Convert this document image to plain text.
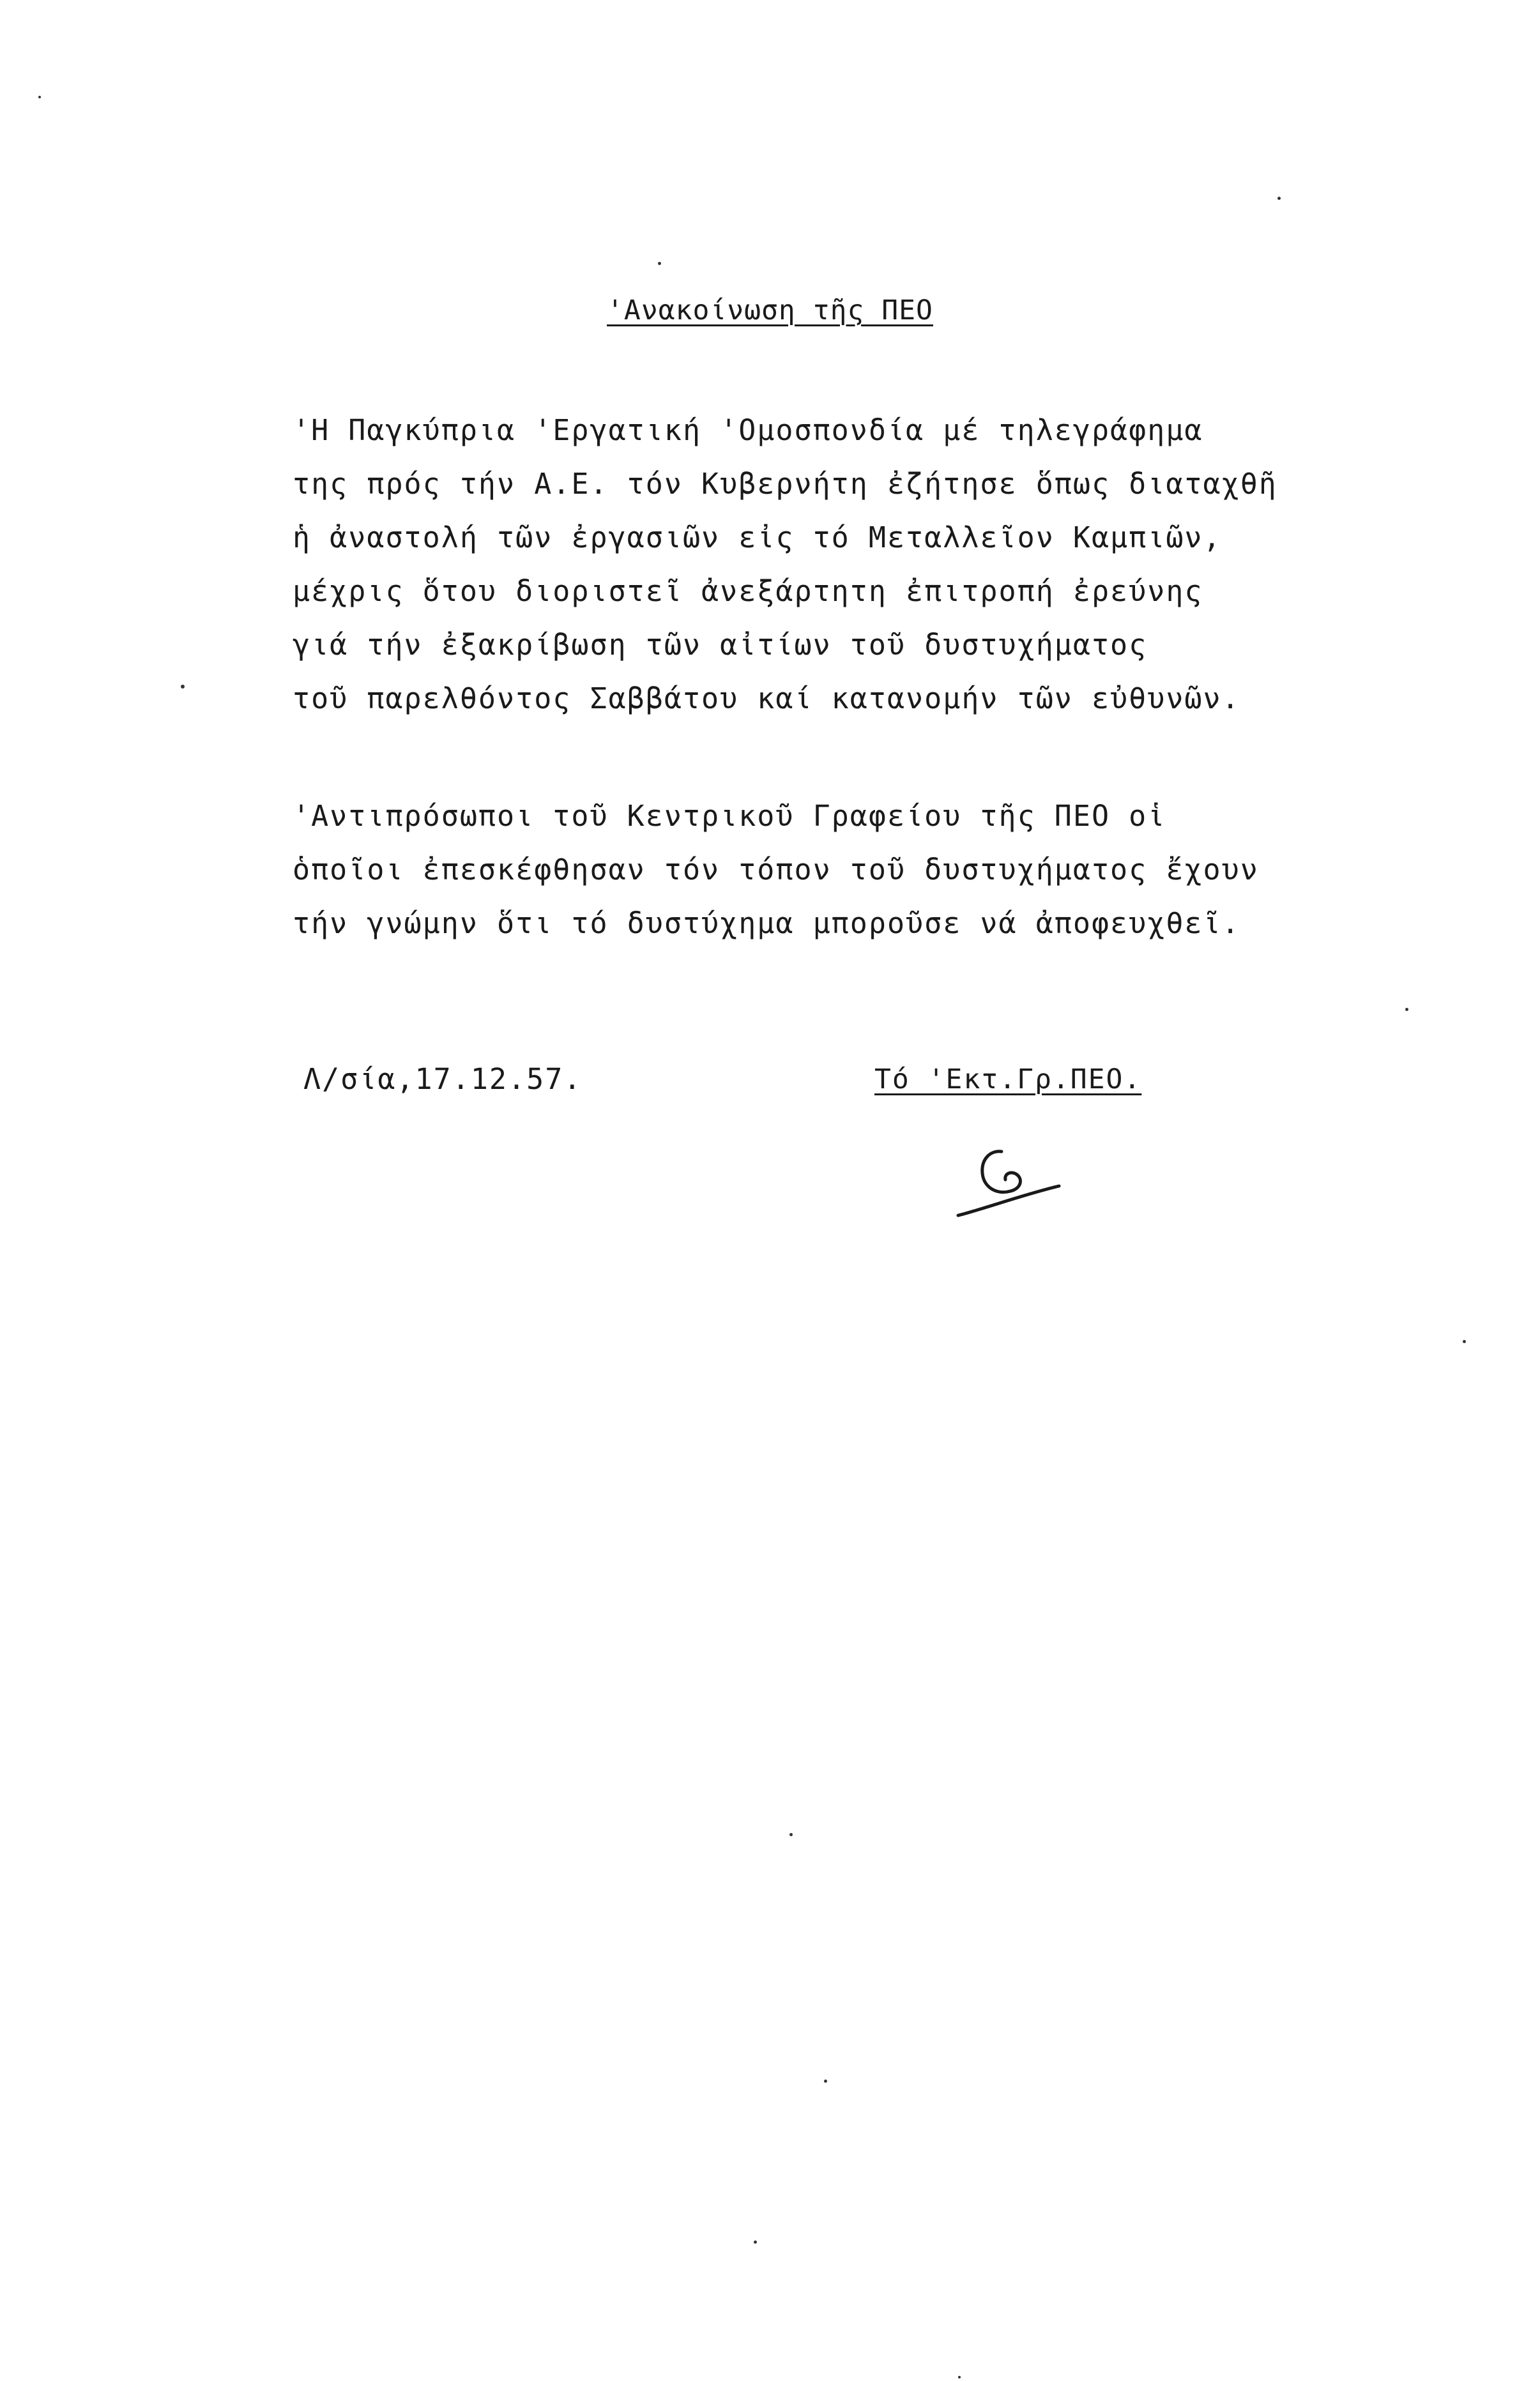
'Ανακοίνωση τῆς ΠΕΟ
'Η Παγκύπρια 'Εργατική 'Ομοσπονδία μέ τηλεγράφημα
της πρός τήν Α.Ε. τόν Κυβερνήτη ἐζήτησε ὅπως διαταχθῆ
ἡ ἀναστολή τῶν ἐργασιῶν εἰς τό Μεταλλεῖον Καμπιῶν,
μέχρις ὅτου διοριστεῖ ἀνεξάρτητη ἐπιτροπή ἐρεύνης
γιά τήν ἐξακρίβωση τῶν αἰτίων τοῦ δυστυχήματος
τοῦ παρελθόντος Σαββάτου καί κατανομήν τῶν εὐθυνῶν.
'Αντιπρόσωποι τοῦ Κεντρικοῦ Γραφείου τῆς ΠΕΟ οἱ
ὁποῖοι ἐπεσκέφθησαν τόν τόπον τοῦ δυστυχήματος ἔχουν
τήν γνώμην ὅτι τό δυστύχημα μποροῦσε νά ἀποφευχθεῖ.
Λ/σία,17.12.57.	Τό 'Εκτ.Γρ.ΠΕΟ.
